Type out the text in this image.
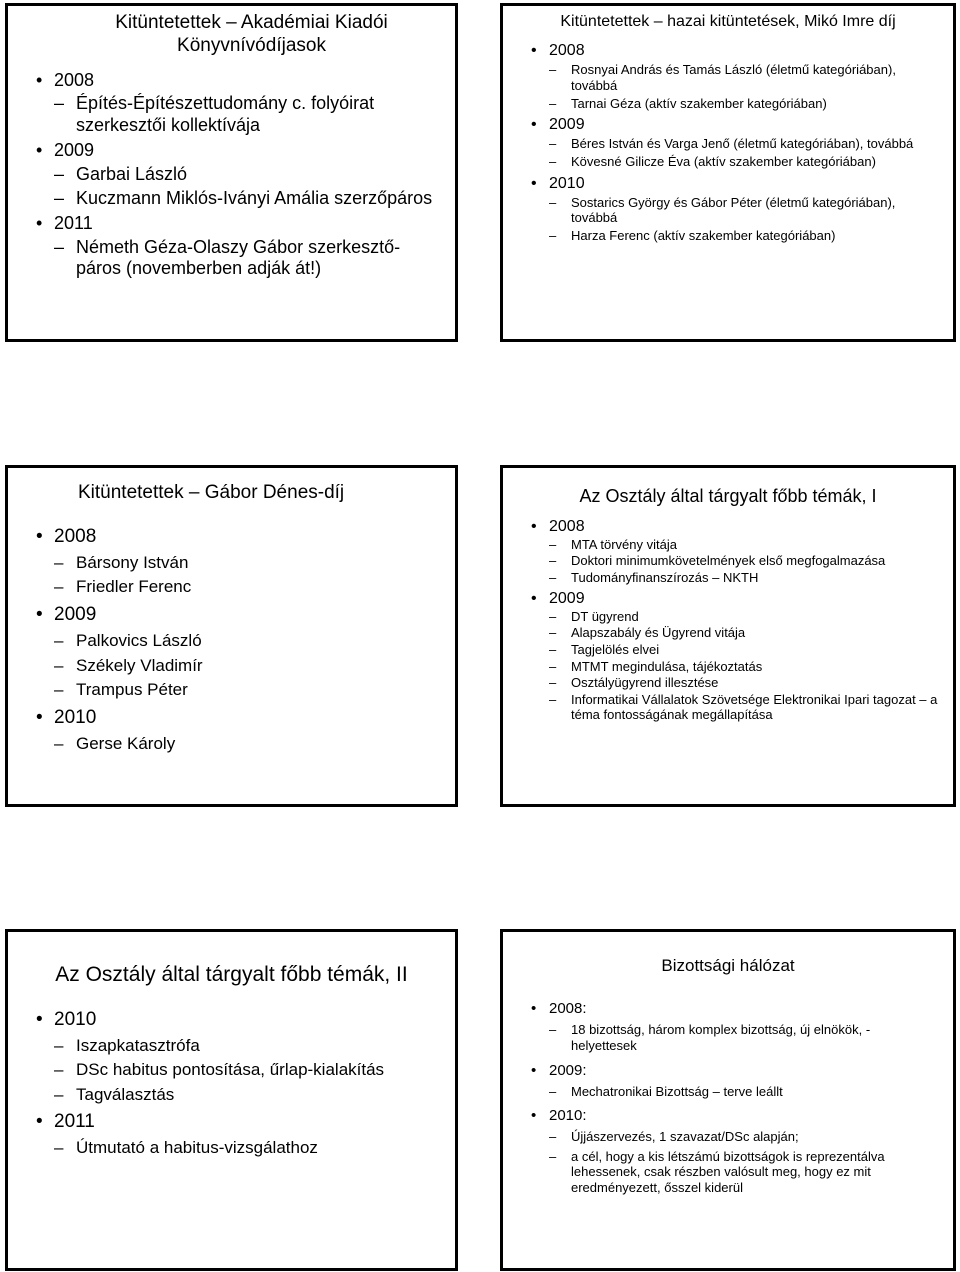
Kitüntetettek – Akadémiai Kiadói Könyvnívódíjasok
• 2008
– Építés-Építészettudomány c. folyóirat szerkesztői kollektívája
• 2009
– Garbai László
– Kuczmann Miklós-Iványi Amália szerzőpáros
• 2011
– Németh Géza-Olaszy Gábor szerkesztő-páros (novemberben adják át!)
Kitüntetettek – hazai kitüntetések, Mikó Imre díj
• 2008
– Rosnyai András és Tamás László (életmű kategóriában), továbbá
– Tarnai Géza (aktív szakember kategóriában)
• 2009
– Béres István és Varga Jenő (életmű kategóriában), továbbá
– Kövesné Gilicze Éva (aktív szakember kategóriában)
• 2010
– Sostarics György és Gábor Péter (életmű kategóriában), továbbá
– Harza Ferenc (aktív szakember kategóriában)
Kitüntetettek – Gábor Dénes-díj
• 2008
– Bársony István
– Friedler Ferenc
• 2009
– Palkovics László
– Székely Vladimír
– Trampus Péter
• 2010
– Gerse Károly
Az Osztály által tárgyalt főbb témák, I
• 2008
– MTA törvény vitája
– Doktori minimumkövetelmények első megfogalmazása
– Tudományfinanszírozás – NKTH
• 2009
– DT ügyrend
– Alapszabály és Ügyrend vitája
– Tagjelölés elvei
– MTMT megindulása, tájékoztatás
– Osztályügyrend illesztése
– Informatikai Vállalatok Szövetsége Elektronikai Ipari tagozat – a téma fontosságának megállapítása
Az Osztály által tárgyalt főbb témák, II
• 2010
– Iszapkatasztrófa
– DSc habitus pontosítása, űrlap-kialakítás
– Tagválasztás
• 2011
– Útmutató a habitus-vizsgálathoz
Bizottsági hálózat
• 2008:
– 18 bizottság, három komplex bizottság, új elnökök, - helyettesek
• 2009:
– Mechatronikai Bizottság – terve leállt
• 2010:
– Újjászervezés, 1 szavazat/DSc alapján;
– a cél, hogy a kis létszámú bizottságok is reprezentálva lehessenek, csak részben valósult meg, hogy ez mit eredményezett, ősszel kiderül
